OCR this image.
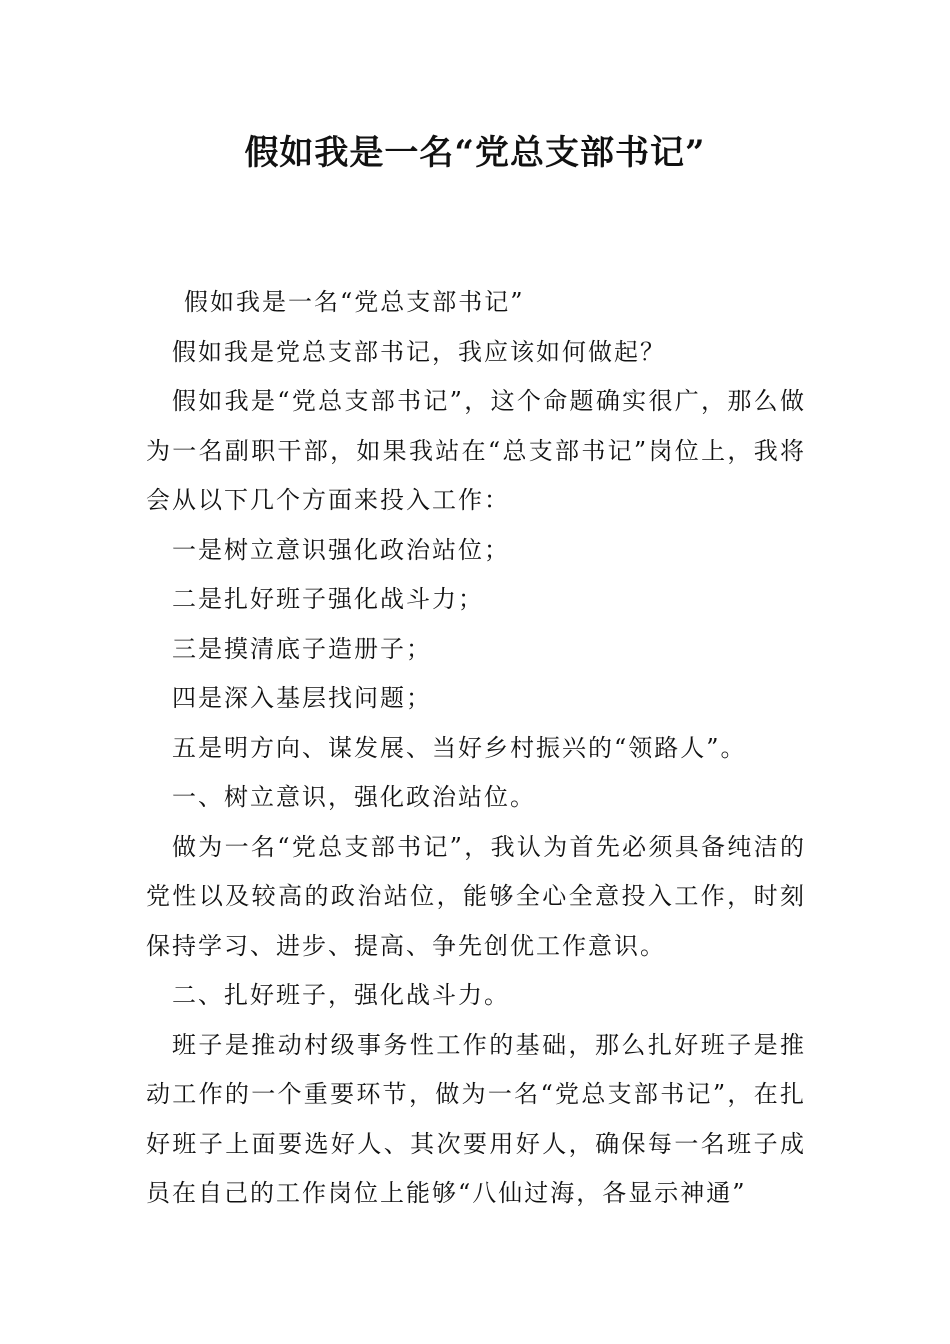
假如我是一名“党总支部书记”

假如我是一名“党总支部书记”

假如我是党总支部书记，我应该如何做起？

假如我是“党总支部书记”，这个命题确实很广，那么做为一名副职干部，如果我站在“总支部书记”岗位上，我将会从以下几个方面来投入工作：

一是树立意识强化政治站位；

二是扎好班子强化战斗力；

三是摸清底子造册子；

四是深入基层找问题；

五是明方向、谋发展、当好乡村振兴的“领路人”。

一、树立意识，强化政治站位。

做为一名“党总支部书记”，我认为首先必须具备纯洁的党性以及较高的政治站位，能够全心全意投入工作，时刻保持学习、进步、提高、争先创优工作意识。

二、扎好班子，强化战斗力。

班子是推动村级事务性工作的基础，那么扎好班子是推动工作的一个重要环节，做为一名“党总支部书记”，在扎好班子上面要选好人、其次要用好人，确保每一名班子成员在自己的工作岗位上能够“八仙过海，各显示神通”
